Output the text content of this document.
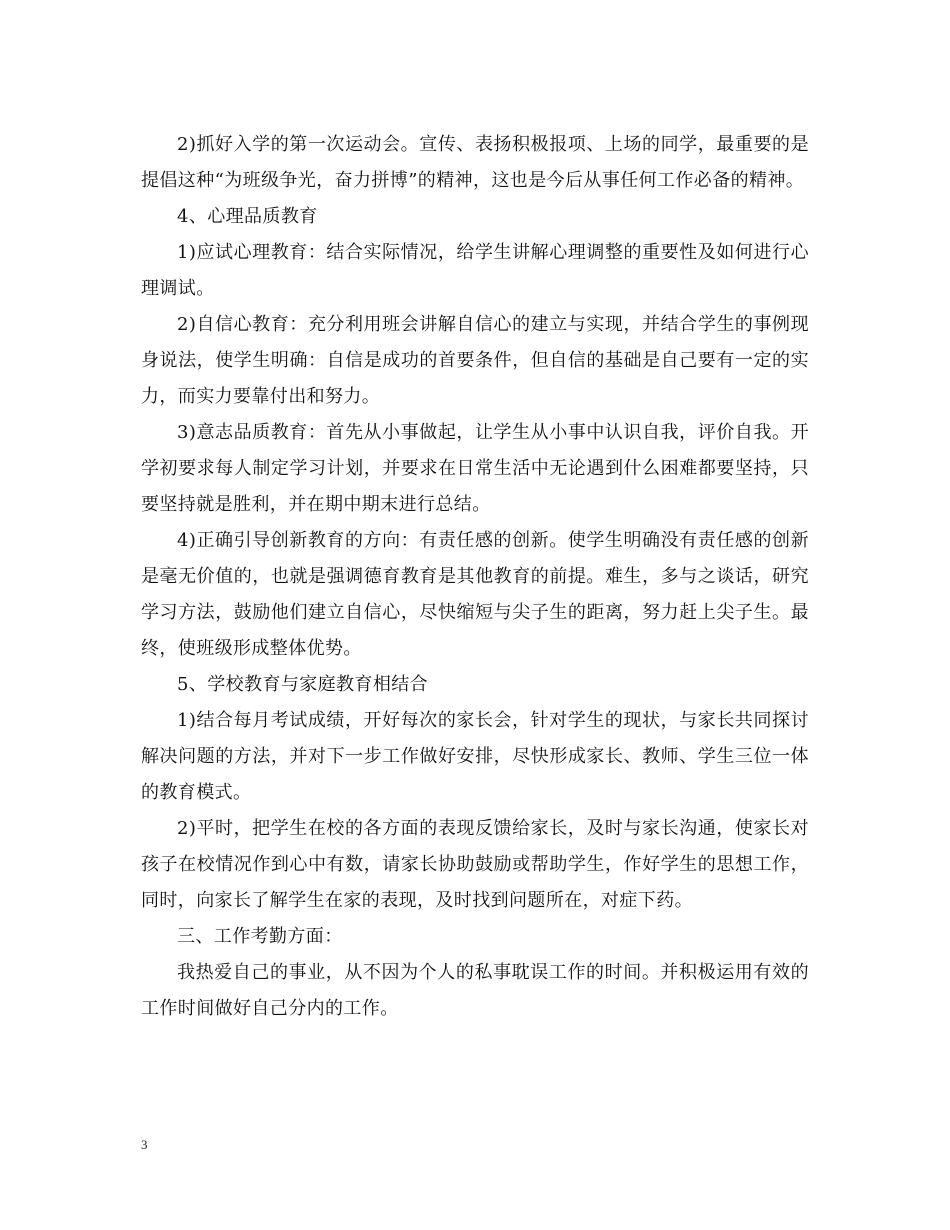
2)抓好入学的第一次运动会。宣传、表扬积极报项、上场的同学，最重要的是提倡这种“为班级争光，奋力拼博”的精神，这也是今后从事任何工作必备的精神。

4、心理品质教育

1)应试心理教育：结合实际情况，给学生讲解心理调整的重要性及如何进行心理调试。

2)自信心教育：充分利用班会讲解自信心的建立与实现，并结合学生的事例现身说法，使学生明确：自信是成功的首要条件，但自信的基础是自己要有一定的实力，而实力要靠付出和努力。

3)意志品质教育：首先从小事做起，让学生从小事中认识自我，评价自我。开学初要求每人制定学习计划，并要求在日常生活中无论遇到什么困难都要坚持，只要坚持就是胜利，并在期中期末进行总结。

4)正确引导创新教育的方向：有责任感的创新。使学生明确没有责任感的创新是毫无价值的，也就是强调德育教育是其他教育的前提。难生，多与之谈话，研究学习方法，鼓励他们建立自信心，尽快缩短与尖子生的距离，努力赶上尖子生。最终，使班级形成整体优势。

5、学校教育与家庭教育相结合

1)结合每月考试成绩，开好每次的家长会，针对学生的现状，与家长共同探讨解决问题的方法，并对下一步工作做好安排，尽快形成家长、教师、学生三位一体的教育模式。

2)平时，把学生在校的各方面的表现反馈给家长，及时与家长沟通，使家长对孩子在校情况作到心中有数，请家长协助鼓励或帮助学生，作好学生的思想工作，同时，向家长了解学生在家的表现，及时找到问题所在，对症下药。

三、工作考勤方面：

我热爱自己的事业，从不因为个人的私事耽误工作的时间。并积极运用有效的工作时间做好自己分内的工作。

3
